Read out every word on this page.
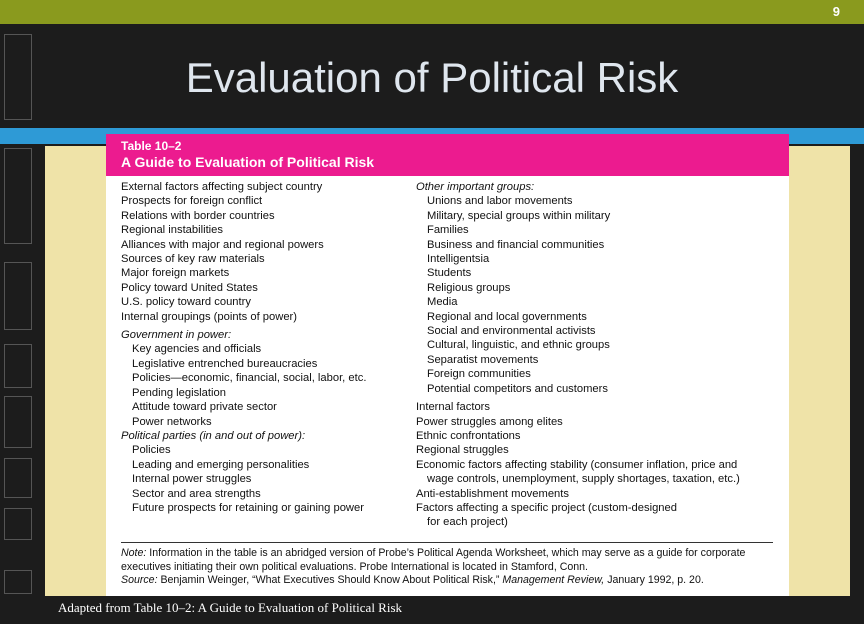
9
Evaluation of Political Risk
Table 10–2
A Guide to Evaluation of Political Risk
External factors affecting subject country
Prospects for foreign conflict
Relations with border countries
Regional instabilities
Alliances with major and regional powers
Sources of key raw materials
Major foreign markets
Policy toward United States
U.S. policy toward country
Internal groupings (points of power)
Government in power:
Key agencies and officials
Legislative entrenched bureaucracies
Policies—economic, financial, social, labor, etc.
Pending legislation
Attitude toward private sector
Power networks
Political parties (in and out of power):
Policies
Leading and emerging personalities
Internal power struggles
Sector and area strengths
Future prospects for retaining or gaining power
Other important groups:
Unions and labor movements
Military, special groups within military
Families
Business and financial communities
Intelligentsia
Students
Religious groups
Media
Regional and local governments
Social and environmental activists
Cultural, linguistic, and ethnic groups
Separatist movements
Foreign communities
Potential competitors and customers
Internal factors
Power struggles among elites
Ethnic confrontations
Regional struggles
Economic factors affecting stability (consumer inflation, price and
wage controls, unemployment, supply shortages, taxation, etc.)
Anti-establishment movements
Factors affecting a specific project (custom-designed
for each project)
Note: Information in the table is an abridged version of Probe’s Political Agenda Worksheet, which may serve as a guide for corporate executives initiating their own political evaluations. Probe International is located in Stamford, Conn.
Source: Benjamin Weinger, “What Executives Should Know About Political Risk,” Management Review, January 1992, p. 20.
Adapted from Table 10–2: A Guide to Evaluation of Political Risk
